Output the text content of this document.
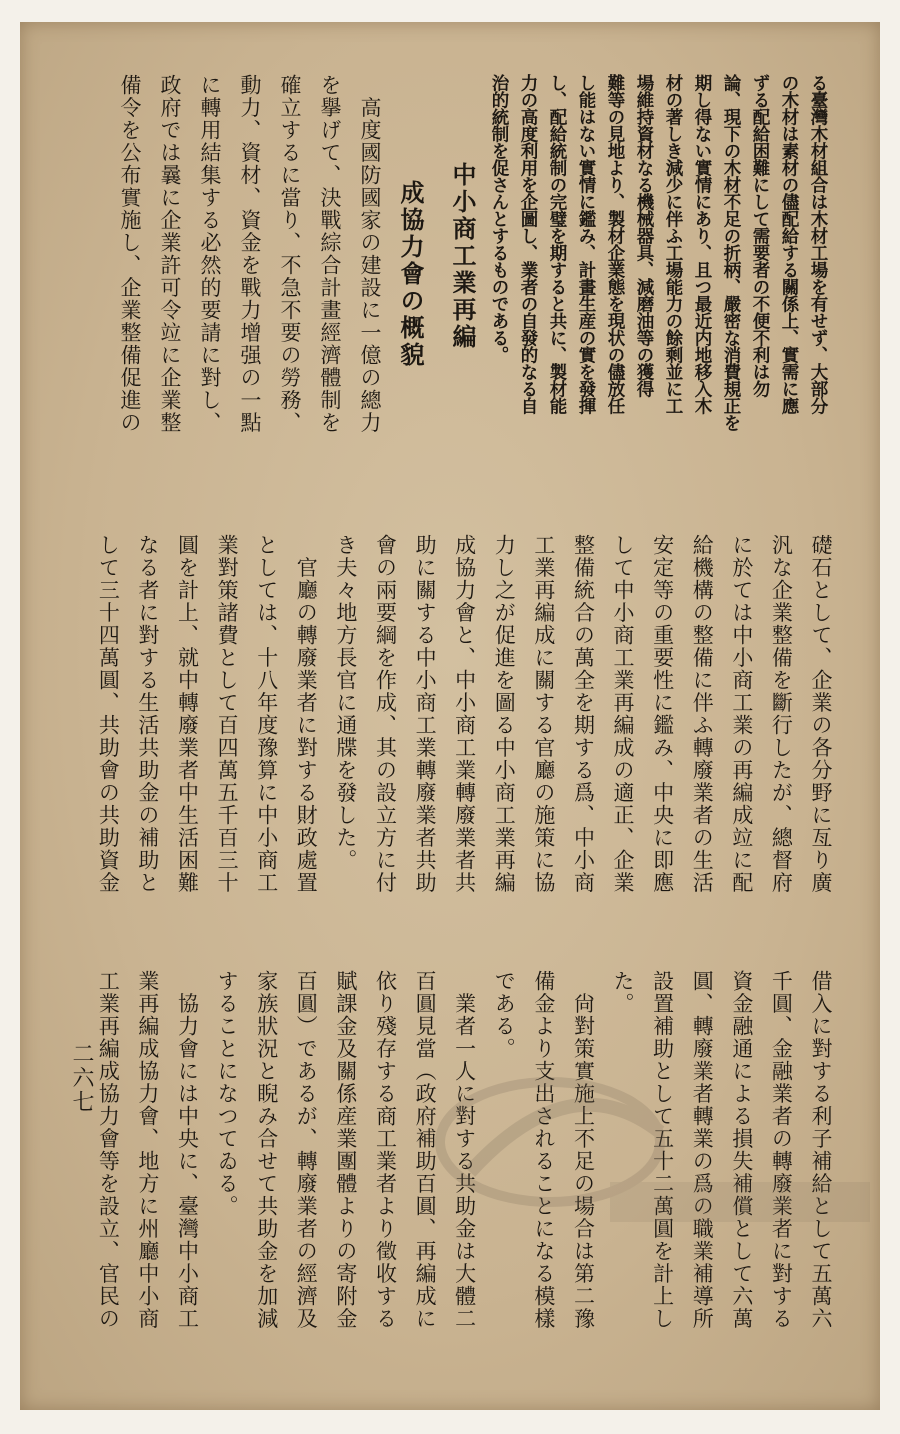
る臺灣木材組合は木材工場を有せず、大部分
の木材は素材の儘配給する關係上、實需に應
ずる配給困難にして需要者の不便不利は勿
論、現下の木材不足の折柄、嚴密な消費規正を
期し得ない實情にあり、且つ最近内地移入木
材の著しき減少に伴ふ工場能力の餘剩並に工
場維持資材なる機械器具、減磨油等の獲得
難等の見地より、製材企業態を現状の儘放任
し能はない實情に鑑み、計畫生産の實を發揮
し、配給統制の完璧を期すると共に、製材能
力の高度利用を企圖し、業者の自發的なる自
治的統制を促さんとするものである。
中小商工業再編
成協力會の概貌
　高度國防國家の建設に一億の總力
を擧げて、決戰綜合計畫經濟體制を
確立するに當り、不急不要の勞務、
動力、資材、資金を戰力增强の一點
に轉用結集する必然的要請に對し、
政府では曩に企業許可令竝に企業整
備令を公布實施し、企業整備促進の
礎石として、企業の各分野に亙り廣
汎な企業整備を斷行したが、總督府
に於ては中小商工業の再編成竝に配
給機構の整備に伴ふ轉廢業者の生活
安定等の重要性に鑑み、中央に即應
して中小商工業再編成の適正、企業
整備統合の萬全を期する爲、中小商
工業再編成に關する官廳の施策に協
力し之が促進を圖る中小商工業再編
成協力會と、中小商工業轉廢業者共
助に關する中小商工業轉廢業者共助
會の兩要綱を作成、其の設立方に付
き夫々地方長官に通牒を發した。
　官廳の轉廢業者に對する財政處置
としては、十八年度豫算に中小商工
業對策諸費として百四萬五千百三十
圓を計上、就中轉廢業者中生活困難
なる者に對する生活共助金の補助と
して三十四萬圓、共助會の共助資金
借入に對する利子補給として五萬六
千圓、金融業者の轉廢業者に對する
資金融通による損失補償として六萬
圓、轉廢業者轉業の爲の職業補導所
設置補助として五十二萬圓を計上し
た。
　尙對策實施上不足の場合は第二豫
備金より支出されることになる模樣
である。
　業者一人に對する共助金は大體二
百圓見當（政府補助百圓、再編成に
依り殘存する商工業者より徵收する
賦課金及關係産業團體よりの寄附金
百圓）であるが、轉廢業者の經濟及
家族狀況と睨み合せて共助金を加減
することになつてゐる。
　協力會には中央に、臺灣中小商工
業再編成協力會、地方に州廳中小商
工業再編成協力會等を設立、官民の
二六七
